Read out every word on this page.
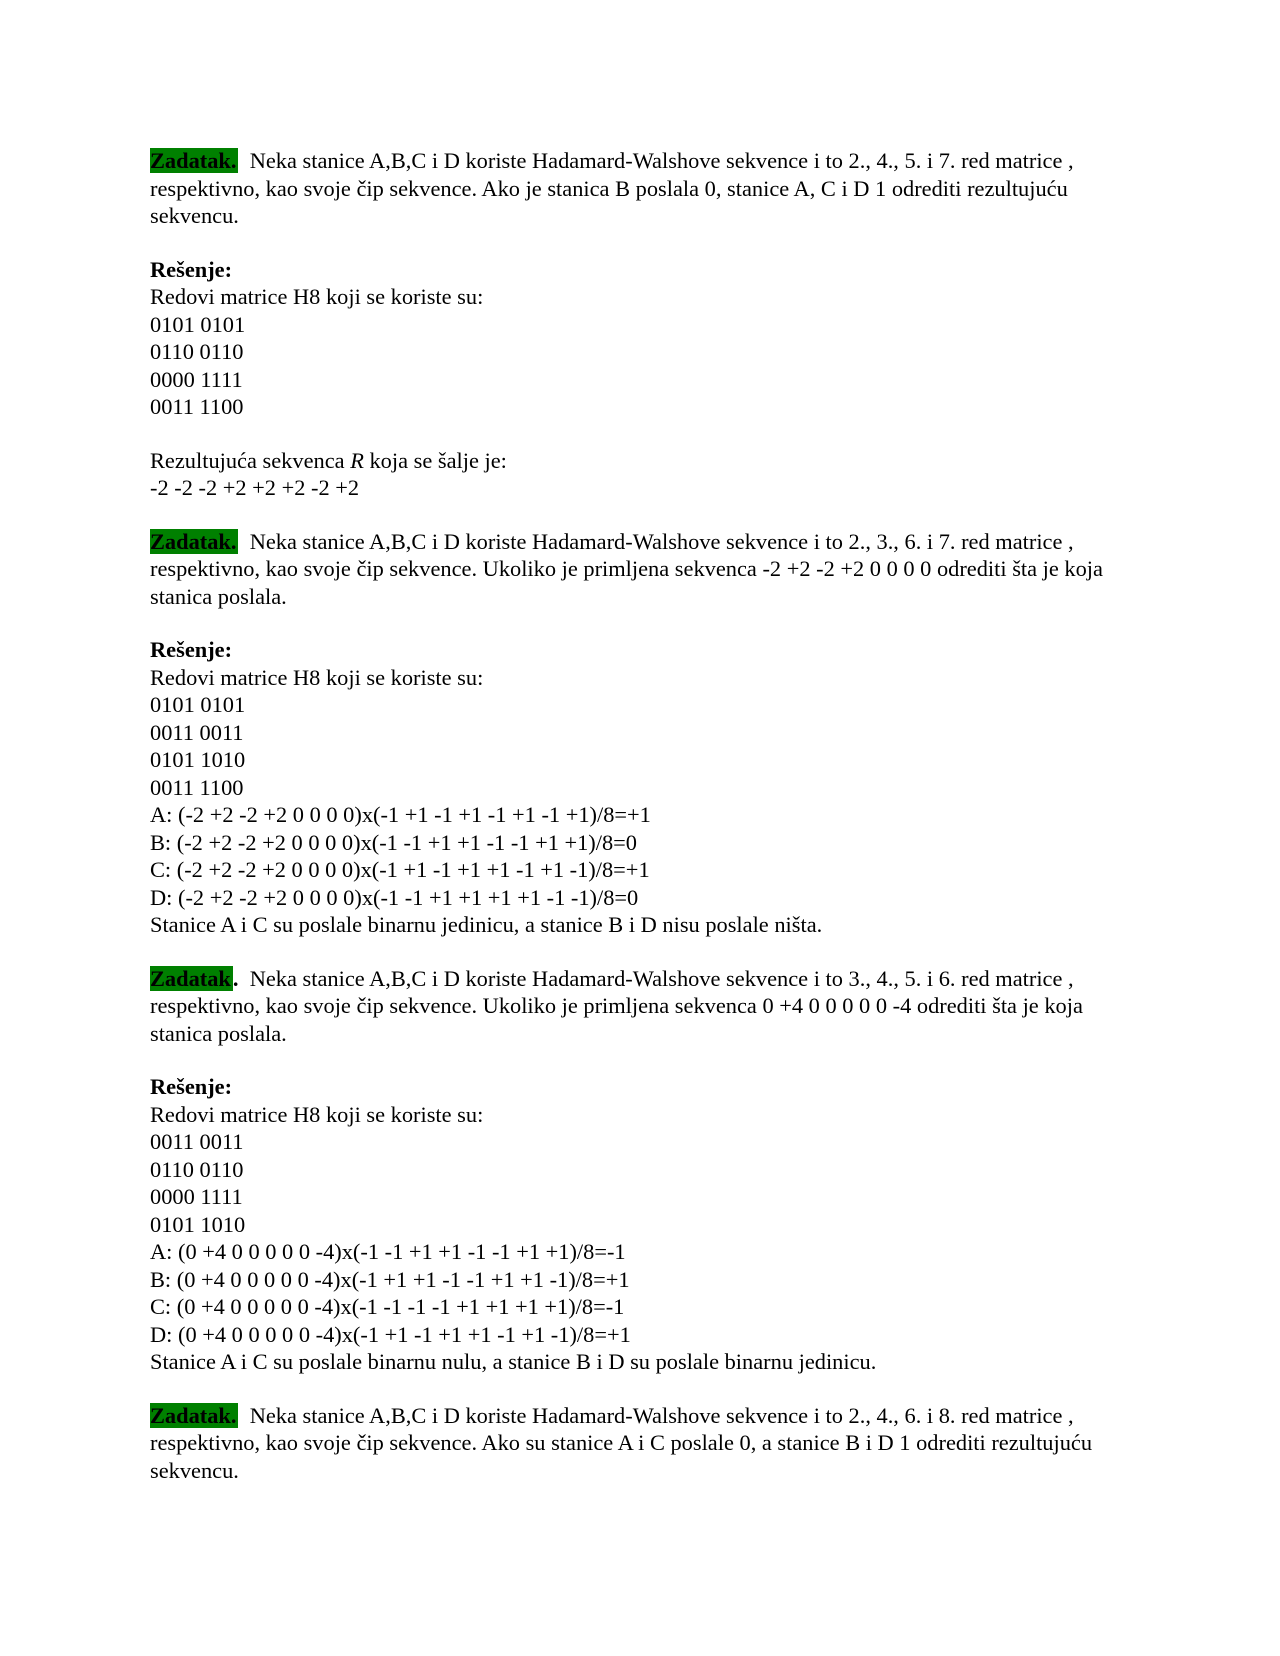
Zadatak. Neka stanice A,B,C i D koriste Hadamard-Walshove sekvence i to 2., 4., 5. i 7. red matrice , respektivno, kao svoje čip sekvence. Ako je stanica B poslala 0, stanice A, C i D 1 odrediti rezultujuću sekvencu.

Rešenje:
Redovi matrice H8 koji se koriste su:
0101 0101
0110 0110
0000 1111
0011 1100
Rezultujuća sekvenca R koja se šalje je:
-2 -2 -2 +2 +2 +2 -2 +2

Zadatak. Neka stanice A,B,C i D koriste Hadamard-Walshove sekvence i to 2., 3., 6. i 7. red matrice , respektivno, kao svoje čip sekvence. Ukoliko je primljena sekvenca -2 +2 -2 +2 0 0 0 0 odrediti šta je koja stanica poslala.

Rešenje:
Redovi matrice H8 koji se koriste su:
0101 0101
0011 0011
0101 1010
0011 1100
A: (-2 +2 -2 +2 0 0 0 0)x(-1 +1 -1 +1 -1 +1 -1 +1)/8=+1
B: (-2 +2 -2 +2 0 0 0 0)x(-1 -1 +1 +1 -1 -1 +1 +1)/8=0
C: (-2 +2 -2 +2 0 0 0 0)x(-1 +1 -1 +1 +1 -1 +1 -1)/8=+1
D: (-2 +2 -2 +2 0 0 0 0)x(-1 -1 +1 +1 +1 +1 -1 -1)/8=0
Stanice A i C su poslale binarnu jedinicu, a stanice B i D nisu poslale ništa.

Zadatak. Neka stanice A,B,C i D koriste Hadamard-Walshove sekvence i to 3., 4., 5. i 6. red matrice , respektivno, kao svoje čip sekvence. Ukoliko je primljena sekvenca 0 +4 0 0 0 0 0 -4 odrediti šta je koja stanica poslala.

Rešenje:
Redovi matrice H8 koji se koriste su:
0011 0011
0110 0110
0000 1111
0101 1010
A: (0 +4 0 0 0 0 0 -4)x(-1 -1 +1 +1 -1 -1 +1 +1)/8=-1
B: (0 +4 0 0 0 0 0 -4)x(-1 +1 +1 -1 -1 +1 +1 -1)/8=+1
C: (0 +4 0 0 0 0 0 -4)x(-1 -1 -1 -1 +1 +1 +1 +1)/8=-1
D: (0 +4 0 0 0 0 0 -4)x(-1 +1 -1 +1 +1 -1 +1 -1)/8=+1
Stanice A i C su poslale binarnu nulu, a stanice B i D su poslale binarnu jedinicu.

Zadatak. Neka stanice A,B,C i D koriste Hadamard-Walshove sekvence i to 2., 4., 6. i 8. red matrice , respektivno, kao svoje čip sekvence. Ako su stanice A i C poslale 0, a stanice B i D 1 odrediti rezultujuću sekvencu.
